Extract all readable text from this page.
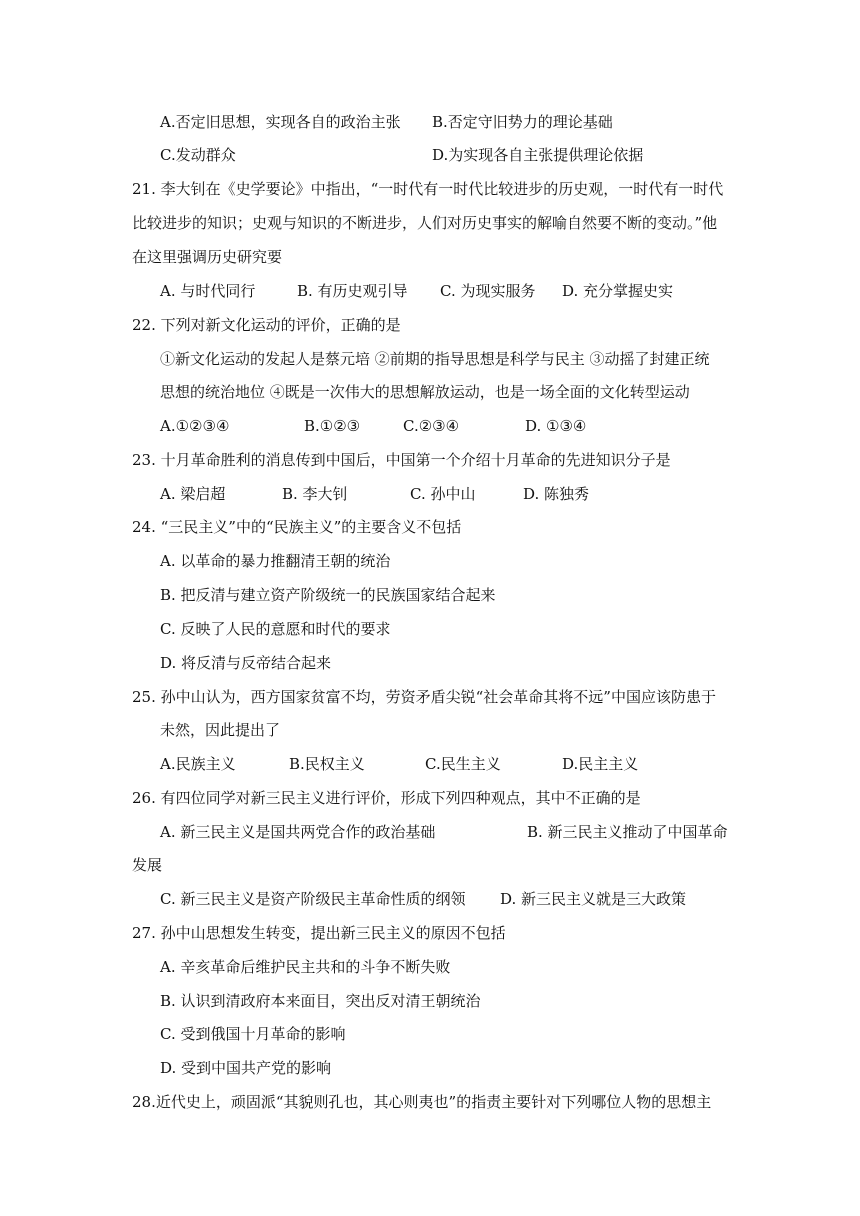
A.否定旧思想，实现各自的政治主张 B.否定守旧势力的理论基础
C.发动群众	D.为实现各自主张提供理论依据
21. 李大钊在《史学要论》中指出，“一时代有一时代比较进步的历史观，一时代有一时代
比较进步的知识；史观与知识的不断进步，人们对历史事实的解喻自然要不断的变动。”他
在这里强调历史研究要
A. 与时代同行	B. 有历史观引导 C. 为现实服务 D. 充分掌握史实
22. 下列对新文化运动的评价，正确的是
①新文化运动的发起人是蔡元培 ②前期的指导思想是科学与民主 ③动摇了封建正统
思想的统治地位 ④既是一次伟大的思想解放运动，也是一场全面的文化转型运动
A.①②③④	B.①②③	C.②③④	D. ①③④
23. 十月革命胜利的消息传到中国后，中国第一个介绍十月革命的先进知识分子是
A. 梁启超	B. 李大钊	C. 孙中山	D. 陈独秀
24. “三民主义”中的“民族主义”的主要含义不包括
A. 以革命的暴力推翻清王朝的统治
B. 把反清与建立资产阶级统一的民族国家结合起来
C. 反映了人民的意愿和时代的要求
D. 将反清与反帝结合起来
25. 孙中山认为，西方国家贫富不均，劳资矛盾尖锐“社会革命其将不远”中国应该防患于
未然，因此提出了
A.民族主义	B.民权主义	C.民生主义	D.民主主义
26. 有四位同学对新三民主义进行评价，形成下列四种观点，其中不正确的是
A. 新三民主义是国共两党合作的政治基础	B. 新三民主义推动了中国革命
发展
C. 新三民主义是资产阶级民主革命性质的纲领 D. 新三民主义就是三大政策
27. 孙中山思想发生转变，提出新三民主义的原因不包括
A. 辛亥革命后维护民主共和的斗争不断失败
B. 认识到清政府本来面目，突出反对清王朝统治
C. 受到俄国十月革命的影响
D. 受到中国共产党的影响
28.近代史上，顽固派“其貌则孔也，其心则夷也”的指责主要针对下列哪位人物的思想主
